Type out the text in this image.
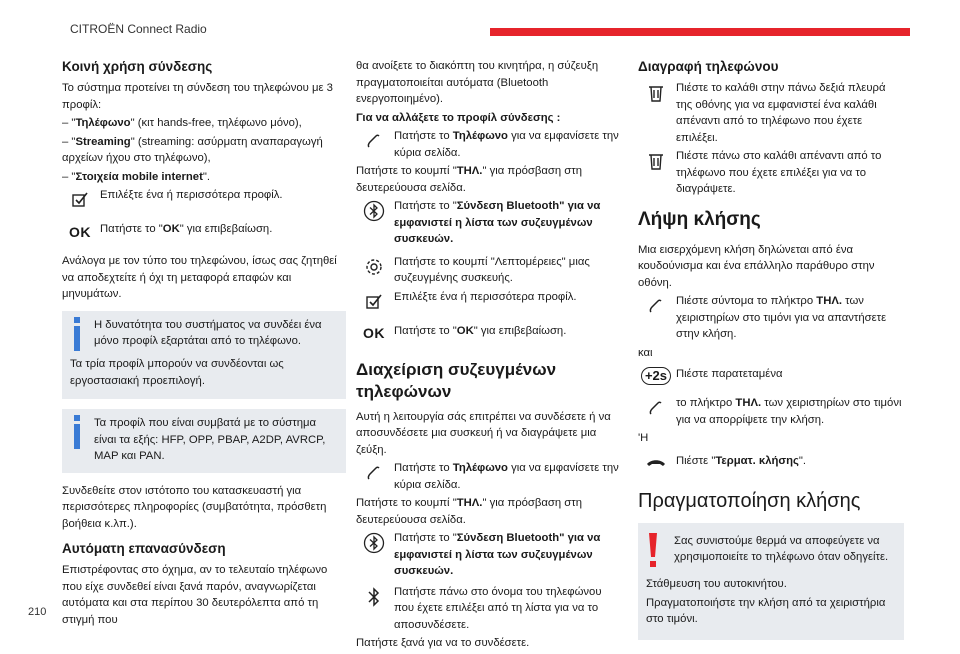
CITROËN Connect Radio
Κοινή χρήση σύνδεσης

Το σύστημα προτείνει τη σύνδεση του τηλεφώνου με 3 προφίλ:

– "Τηλέφωνο" (κιτ hands-free, τηλέφωνο μόνο),

– "Streaming" (streaming: ασύρματη αναπαραγωγή αρχείων ήχου στο τηλέφωνο),

– "Στοιχεία mobile internet".

Επιλέξτε ένα ή περισσότερα προφίλ.
OK Πατήστε το "OK" για επιβεβαίωση.

Ανάλογα με τον τύπο του τηλεφώνου, ίσως σας ζητηθεί να αποδεχτείτε ή όχι τη μεταφορά επαφών και μηνυμάτων.

Η δυνατότητα του συστήματος να συνδέει ένα μόνο προφίλ εξαρτάται από το τηλέφωνο.

Τα τρία προφίλ μπορούν να συνδέονται ως εργοστασιακή προεπιλογή.

Τα προφίλ που είναι συμβατά με το σύστημα είναι τα εξής: HFP, OPP, PBAP, A2DP, AVRCP, MAP και PAN.

Συνδεθείτε στον ιστότοπο του κατασκευαστή για περισσότερες πληροφορίες (συμβατότητα, πρόσθετη βοήθεια κ.λπ.).

Αυτόματη επανασύνδεση

Επιστρέφοντας στο όχημα, αν το τελευταίο τηλέφωνο που είχε συνδεθεί είναι ξανά παρόν, αναγνωρίζεται αυτόματα και στα περίπου 30 δευτερόλεπτα από τη στιγμή που

θα ανοίξετε το διακόπτη του κινητήρα, η σύζευξη πραγματοποιείται αυτόματα (Bluetooth ενεργοποιημένο).

Για να αλλάξετε το προφίλ σύνδεσης :

Πατήστε το Τηλέφωνο για να εμφανίσετε την κύρια σελίδα.

Πατήστε το κουμπί "ΤΗΛ." για πρόσβαση στη δευτερεύουσα σελίδα.

Πατήστε το "Σύνδεση Bluetooth" για να εμφανιστεί η λίστα των συζευγμένων συσκευών.
Πατήστε το κουμπί "Λεπτομέρειες" μιας συζευγμένης συσκευής.
Επιλέξτε ένα ή περισσότερα προφίλ.
OK Πατήστε το "OK" για επιβεβαίωση.
Διαχείριση συζευγμένων τηλεφώνων

Αυτή η λειτουργία σάς επιτρέπει να συνδέσετε ή να αποσυνδέσετε μια συσκευή ή να διαγράψετε μια ζεύξη.

Πατήστε το Τηλέφωνο για να εμφανίσετε την κύρια σελίδα.

Πατήστε το κουμπί "ΤΗΛ." για πρόσβαση στη δευτερεύουσα σελίδα.

Πατήστε το "Σύνδεση Bluetooth" για να εμφανιστεί η λίστα των συζευγμένων συσκευών.
Πατήστε πάνω στο όνομα του τηλεφώνου που έχετε επιλέξει από τη λίστα για να το αποσυνδέσετε.

Πατήστε ξανά για να το συνδέσετε.

Διαγραφή τηλεφώνου
Πιέστε το καλάθι στην πάνω δεξιά πλευρά της οθόνης για να εμφανιστεί ένα καλάθι απέναντι από το τηλέφωνο που έχετε επιλέξει.
Πιέστε πάνω στο καλάθι απέναντι από το τηλέφωνο που έχετε επιλέξει για να το διαγράψετε.
Λήψη κλήσης

Μια εισερχόμενη κλήση δηλώνεται από ένα κουδούνισμα και ένα επάλληλο παράθυρο στην οθόνη.

Πιέστε σύντομα το πλήκτρο ΤΗΛ. των χειριστηρίων στο τιμόνι για να απαντήσετε στην κλήση.

και

+2s Πιέστε παρατεταμένα
το πλήκτρο ΤΗΛ. των χειριστηρίων στο τιμόνι για να απορρίψετε την κλήση.

'Η

Πιέστε "Τερματ. κλήσης".
Πραγματοποίηση κλήσης
Σας συνιστούμε θερμά να αποφεύγετε να χρησιμοποιείτε το τηλέφωνο όταν οδηγείτε.

Στάθμευση του αυτοκινήτου.

Πραγματοποιήστε την κλήση από τα χειριστήρια στο τιμόνι.

210
